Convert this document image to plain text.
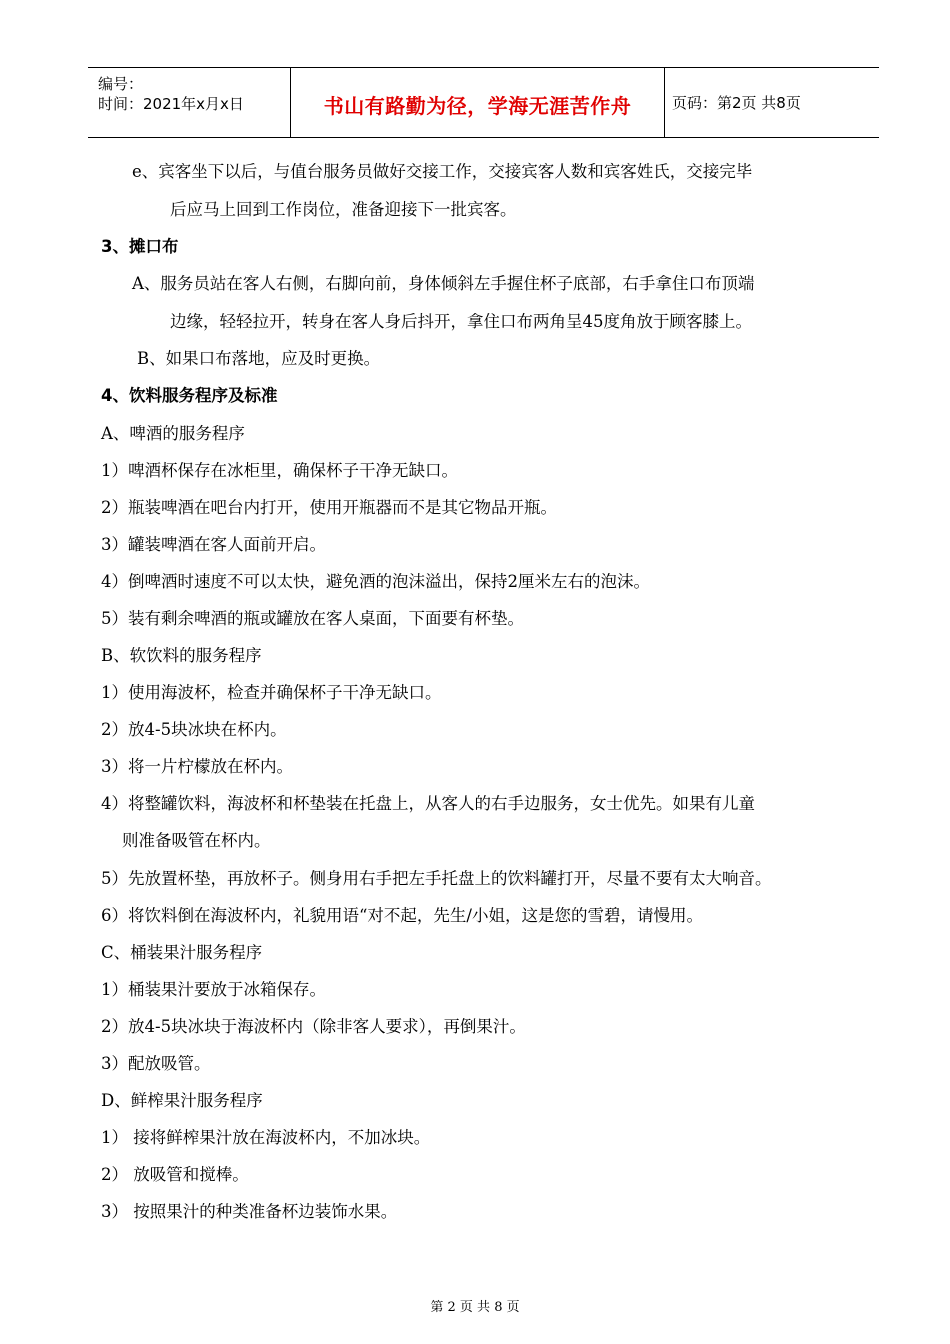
编号：
时间：2021年x月x日	书山有路勤为径，学海无涯苦作舟	页码：第2页 共8页
e、宾客坐下以后，与值台服务员做好交接工作，交接宾客人数和宾客姓氏，交接完毕
后应马上回到工作岗位，准备迎接下一批宾客。
3、摊口布
A、服务员站在客人右侧，右脚向前，身体倾斜左手握住杯子底部，右手拿住口布顶端
边缘，轻轻拉开，转身在客人身后抖开，拿住口布两角呈45度角放于顾客膝上。
B、如果口布落地，应及时更换。
4、饮料服务程序及标准
A、啤酒的服务程序
1）啤酒杯保存在冰柜里，确保杯子干净无缺口。
2）瓶装啤酒在吧台内打开，使用开瓶器而不是其它物品开瓶。
3）罐装啤酒在客人面前开启。
4）倒啤酒时速度不可以太快，避免酒的泡沫溢出，保持2厘米左右的泡沫。
5）装有剩余啤酒的瓶或罐放在客人桌面，下面要有杯垫。
B、软饮料的服务程序
1）使用海波杯，检查并确保杯子干净无缺口。
2）放4-5块冰块在杯内。
3）将一片柠檬放在杯内。
4）将整罐饮料，海波杯和杯垫装在托盘上，从客人的右手边服务，女士优先。如果有儿童
则准备吸管在杯内。
5）先放置杯垫，再放杯子。侧身用右手把左手托盘上的饮料罐打开，尽量不要有太大响音。
6）将饮料倒在海波杯内，礼貌用语“对不起，先生/小姐，这是您的雪碧，请慢用。
C、桶装果汁服务程序
1）桶装果汁要放于冰箱保存。
2）放4-5块冰块于海波杯内（除非客人要求），再倒果汁。
3）配放吸管。
D、鲜榨果汁服务程序
1） 接将鲜榨果汁放在海波杯内，不加冰块。
2） 放吸管和搅棒。
3） 按照果汁的种类准备杯边装饰水果。
第 2 页 共 8 页
